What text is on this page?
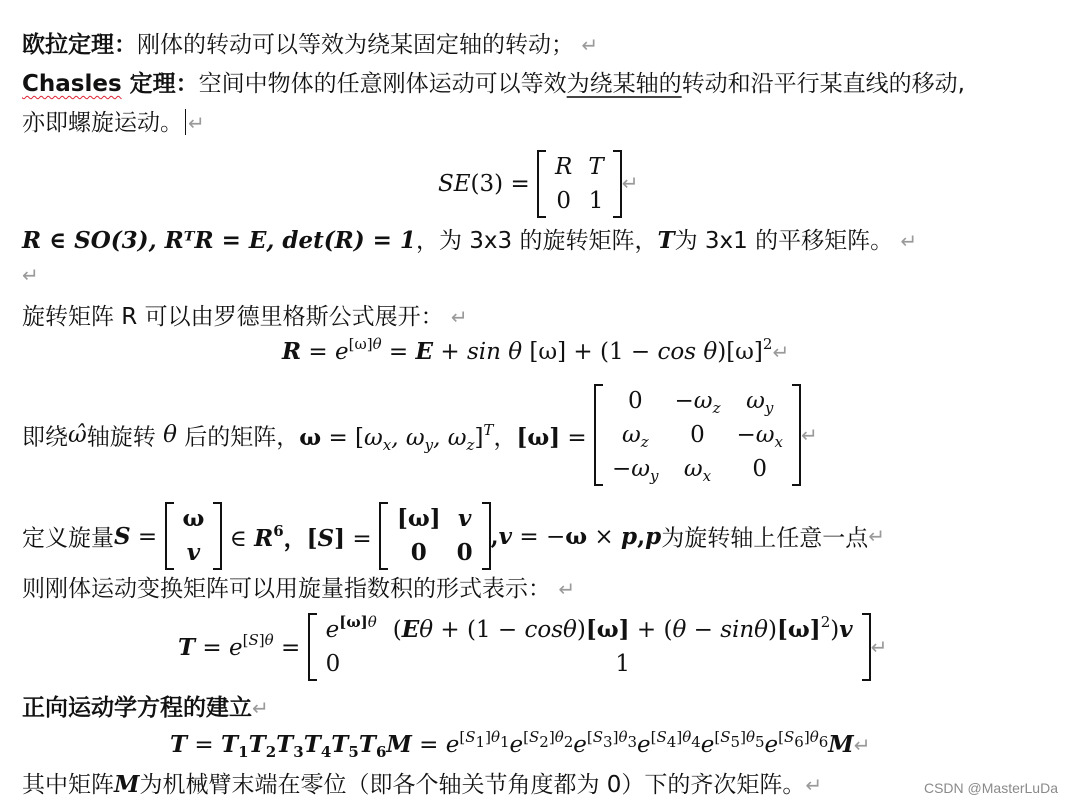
欧拉定理：刚体的转动可以等效为绕某固定轴的转动； ↵
Chasles 定理：空间中物体的任意刚体运动可以等效为绕某轴的转动和沿平行某直线的移动,
亦即螺旋运动。 ↵
SE(3) =
R	T
0	1
↵
R ∈ SO(3), RᵀR = E, det(R) = 1，为 3x3 的旋转矩阵，T为 3x1 的平移矩阵。 ↵
↵
旋转矩阵 R 可以由罗德里格斯公式展开： ↵
$R = e^{[\omega]\theta} = E + \sin \theta$ $[\omega] + (1 - \cos \theta)[\omega]^2↵$
即绕ω̂轴旋转 θ 后的矩阵，$\omega = [\omega_x$, $\omega_y$, $\omega_z]^T$，[ω] =
0	$-\omega_z$	$\omega_y$
$\omega_z$	0	$-\omega_x$
$-\omega_y$	$\omega_x$	0
↵
定义旋量S =
ω
v
∈ $R^6$，[S] =
[ω]	v
0	0
,v = −ω × p,p为旋转轴上任意一点↵
则刚体运动变换矩阵可以用旋量指数积的形式表示： ↵
$T = e^{[S]\theta}$ =
$e^{[\omega]\theta}$	$(E\theta + (1 - \cos\theta)[\omega] + (\theta - \sin\theta)[\omega]^2)v$
0	1
↵
正向运动学方程的建立↵
$T = T_1T_2T_3T_4T_5T_6M$ = $e^{[S_1]\theta_1}e^{[S_2]\theta_2}e^{[S_3]\theta_3}e^{[S_4]\theta_4}e^{[S_5]\theta_5}e^{[S_6]\theta_6}M↵$
其中矩阵M为机械臂末端在零位（即各个轴关节角度都为 0）下的齐次矩阵。↵	CSDN @MasterLuDa
